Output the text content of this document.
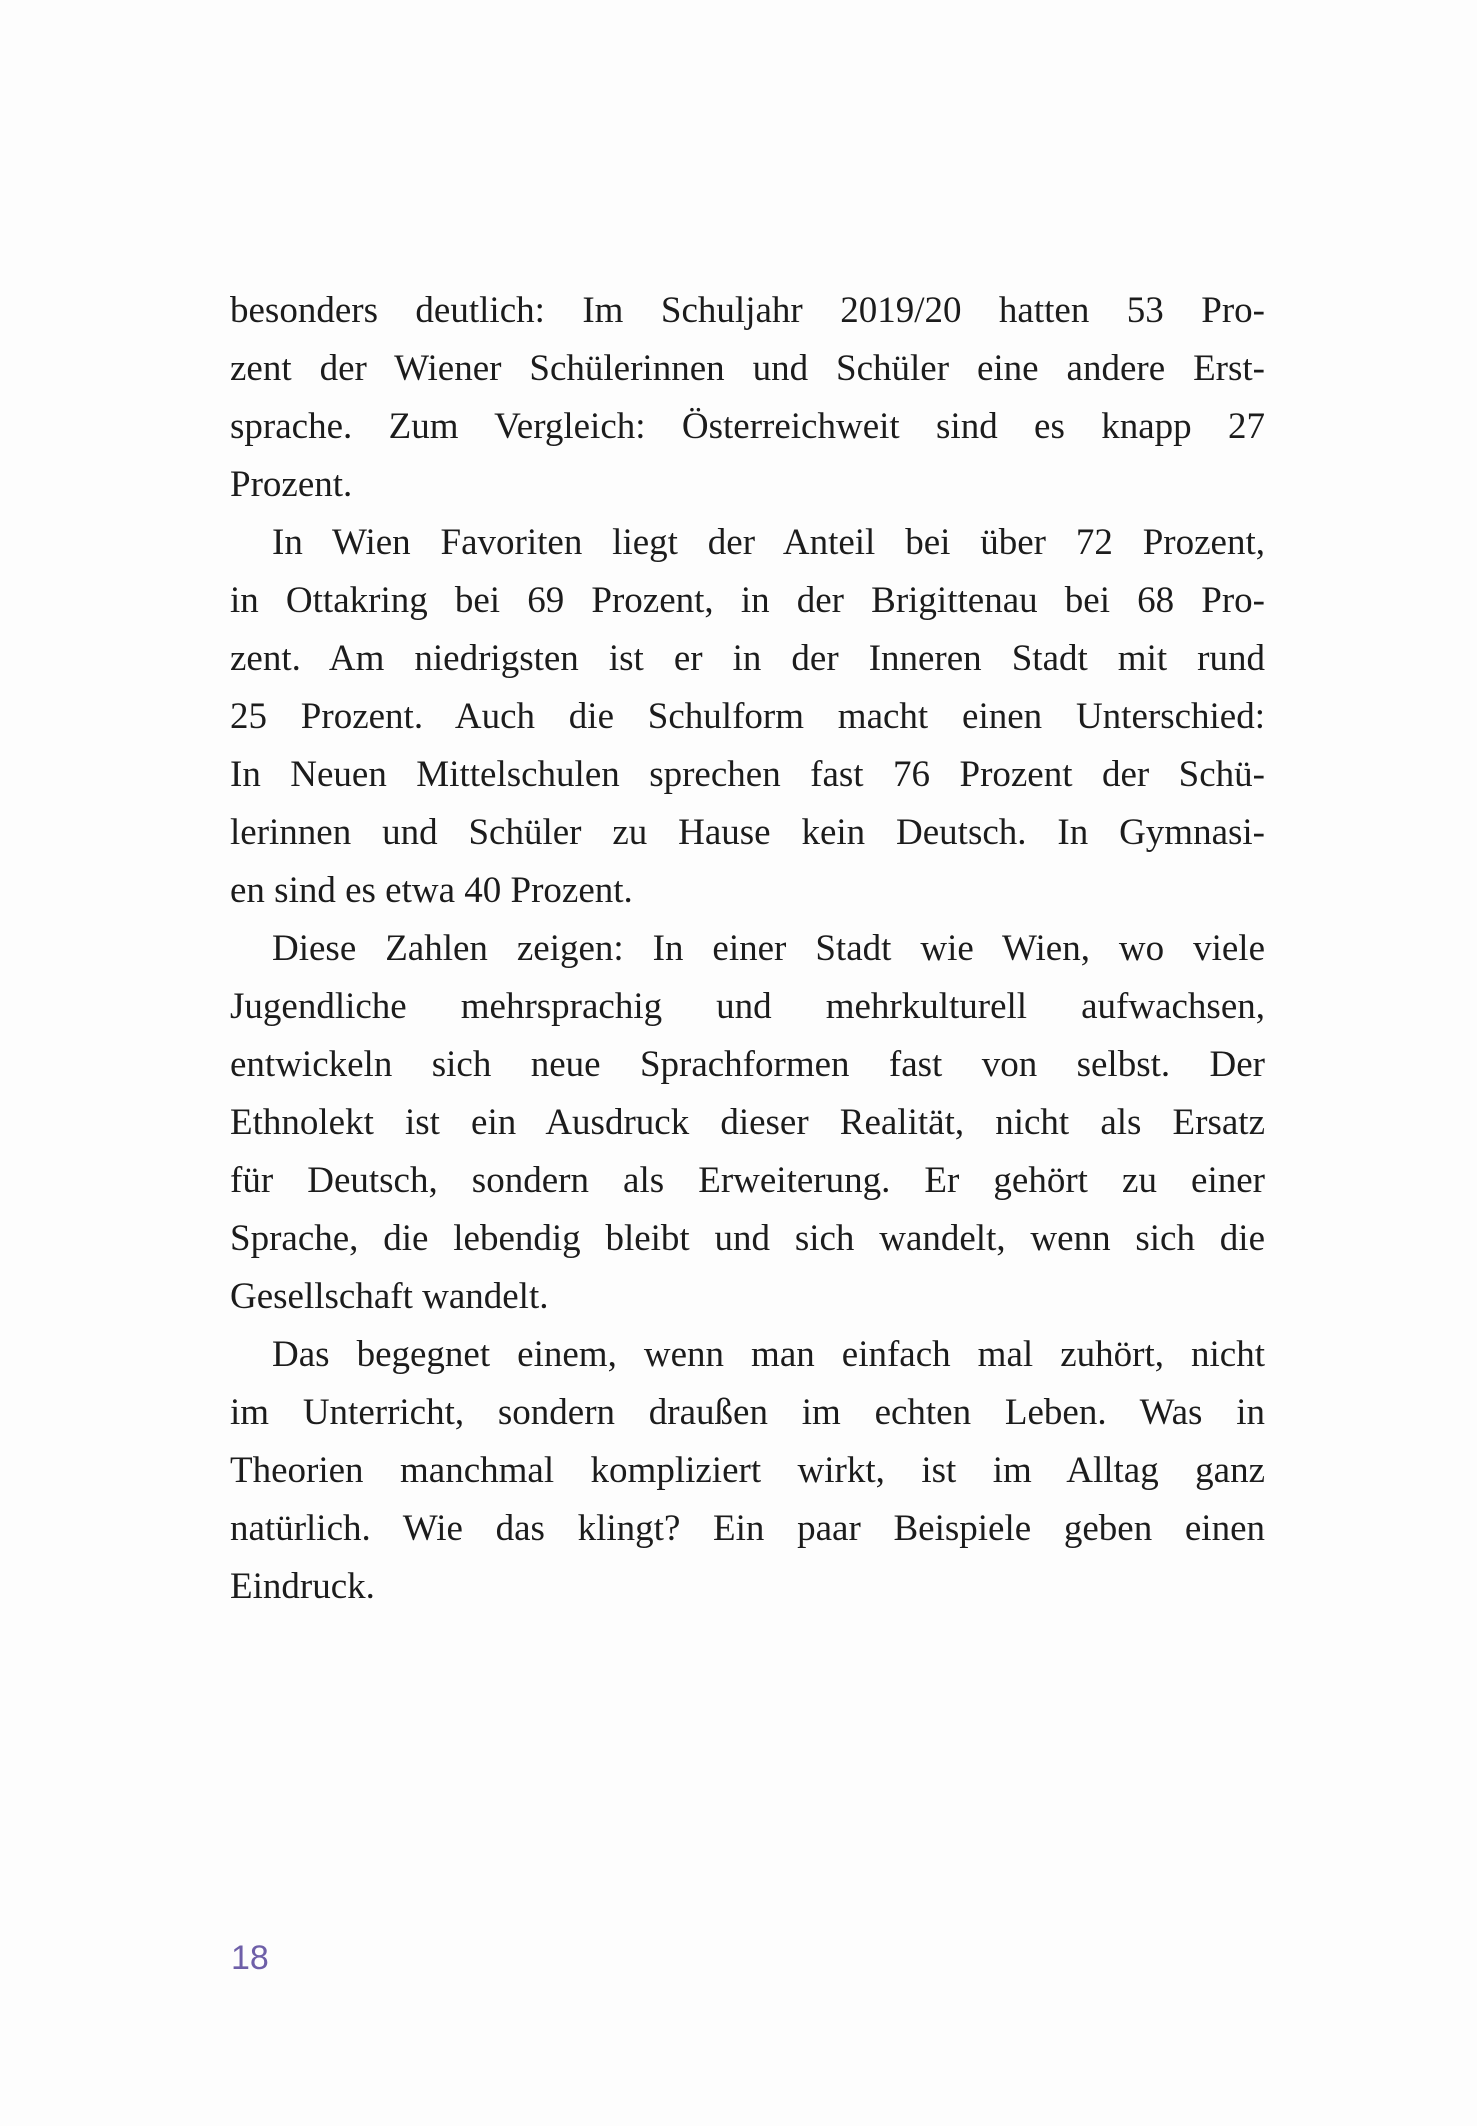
besonders deutlich: Im Schuljahr 2019/20 hatten 53 Pro-
zent der Wiener Schülerinnen und Schüler eine andere Erst-
sprache. Zum Vergleich: Österreichweit sind es knapp 27
Prozent.
In Wien Favoriten liegt der Anteil bei über 72 Prozent,
in Ottakring bei 69 Prozent, in der Brigittenau bei 68 Pro-
zent. Am niedrigsten ist er in der Inneren Stadt mit rund
25 Prozent. Auch die Schulform macht einen Unterschied:
In Neuen Mittelschulen sprechen fast 76 Prozent der Schü-
lerinnen und Schüler zu Hause kein Deutsch. In Gymnasi-
en sind es etwa 40 Prozent.
Diese Zahlen zeigen: In einer Stadt wie Wien, wo viele
Jugendliche mehrsprachig und mehrkulturell aufwachsen,
entwickeln sich neue Sprachformen fast von selbst. Der
Ethnolekt ist ein Ausdruck dieser Realität, nicht als Ersatz
für Deutsch, sondern als Erweiterung. Er gehört zu einer
Sprache, die lebendig bleibt und sich wandelt, wenn sich die
Gesellschaft wandelt.
Das begegnet einem, wenn man einfach mal zuhört, nicht
im Unterricht, sondern draußen im echten Leben. Was in
Theorien manchmal kompliziert wirkt, ist im Alltag ganz
natürlich. Wie das klingt? Ein paar Beispiele geben einen
Eindruck.
18
